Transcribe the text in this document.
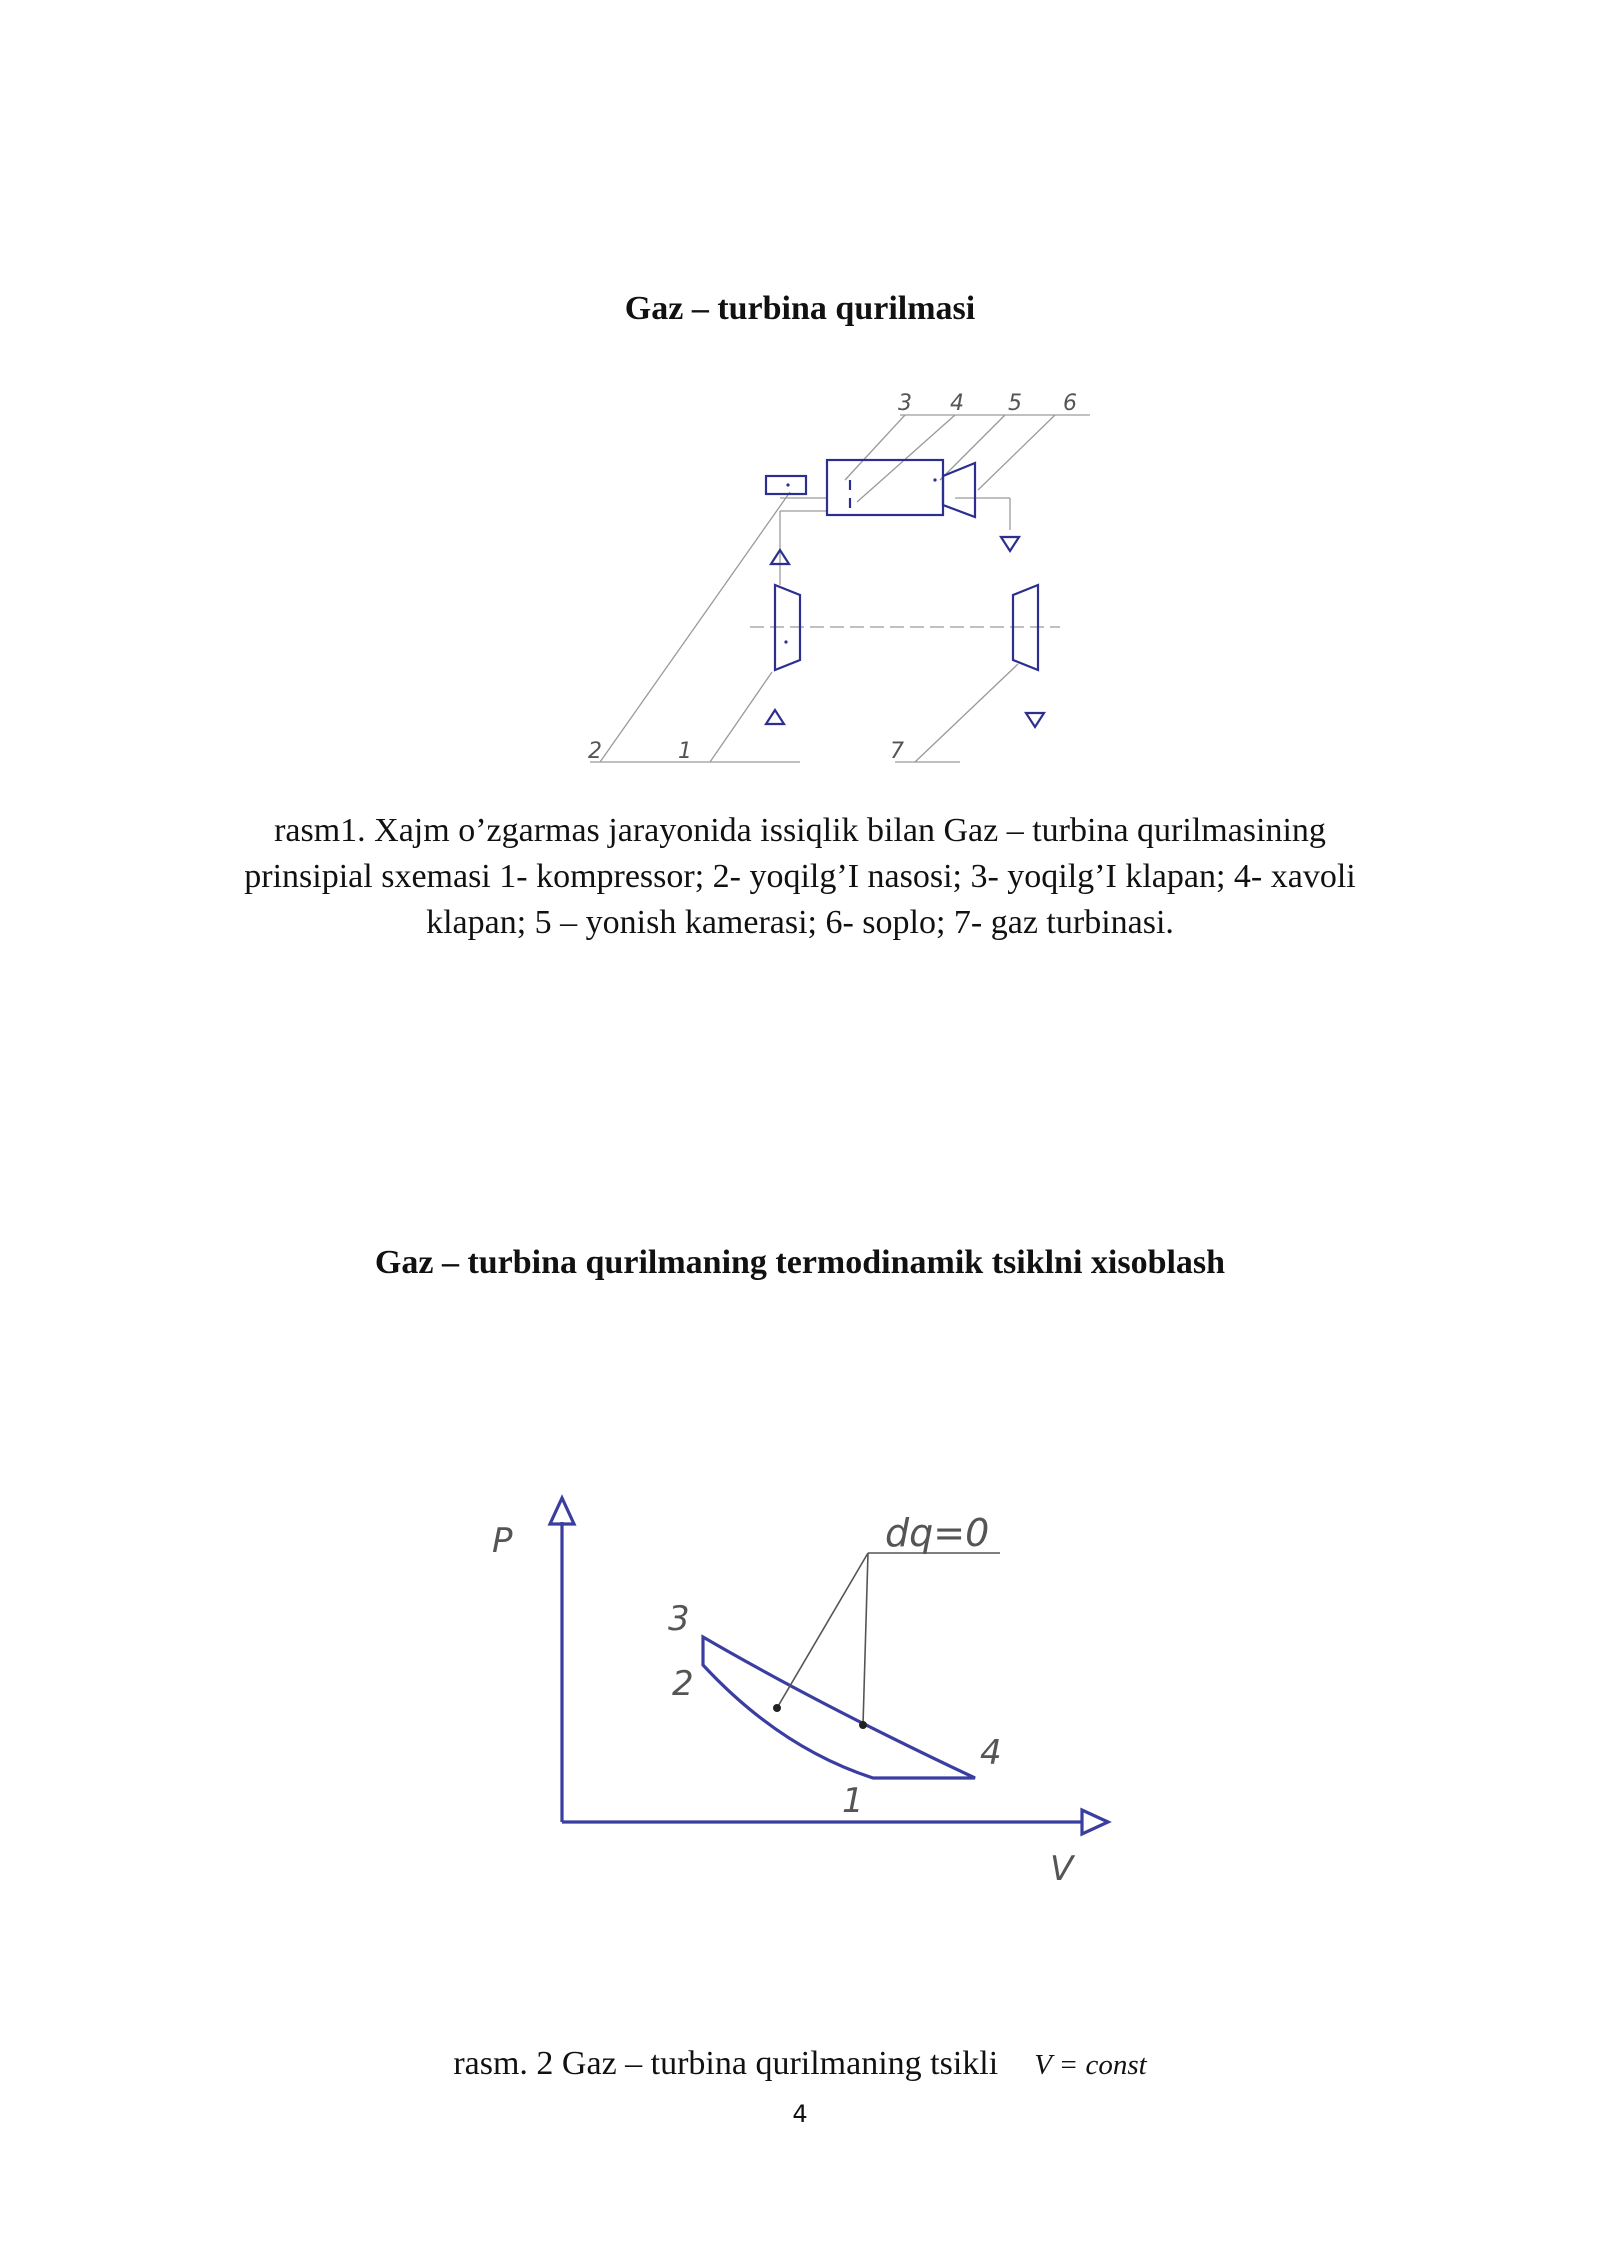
Gaz – turbina qurilmasi
3 4 5 6
2	1	7

rasm1. Xajm o’zgarmas jarayonida issiqlik bilan Gaz – turbina qurilmasining prinsipial sxemasi 1- kompressor; 2- yoqilg’I nasosi; 3- yoqilg’I klapan; 4- xavoli klapan; 5 – yonish kamerasi; 6- soplo; 7- gaz turbinasi.

Gaz – turbina qurilmaning termodinamik tsiklni xisoblash
P
V
dq=0
3
2
4
1
rasm. 2 Gaz – turbina qurilmaning tsikli V = const
4
